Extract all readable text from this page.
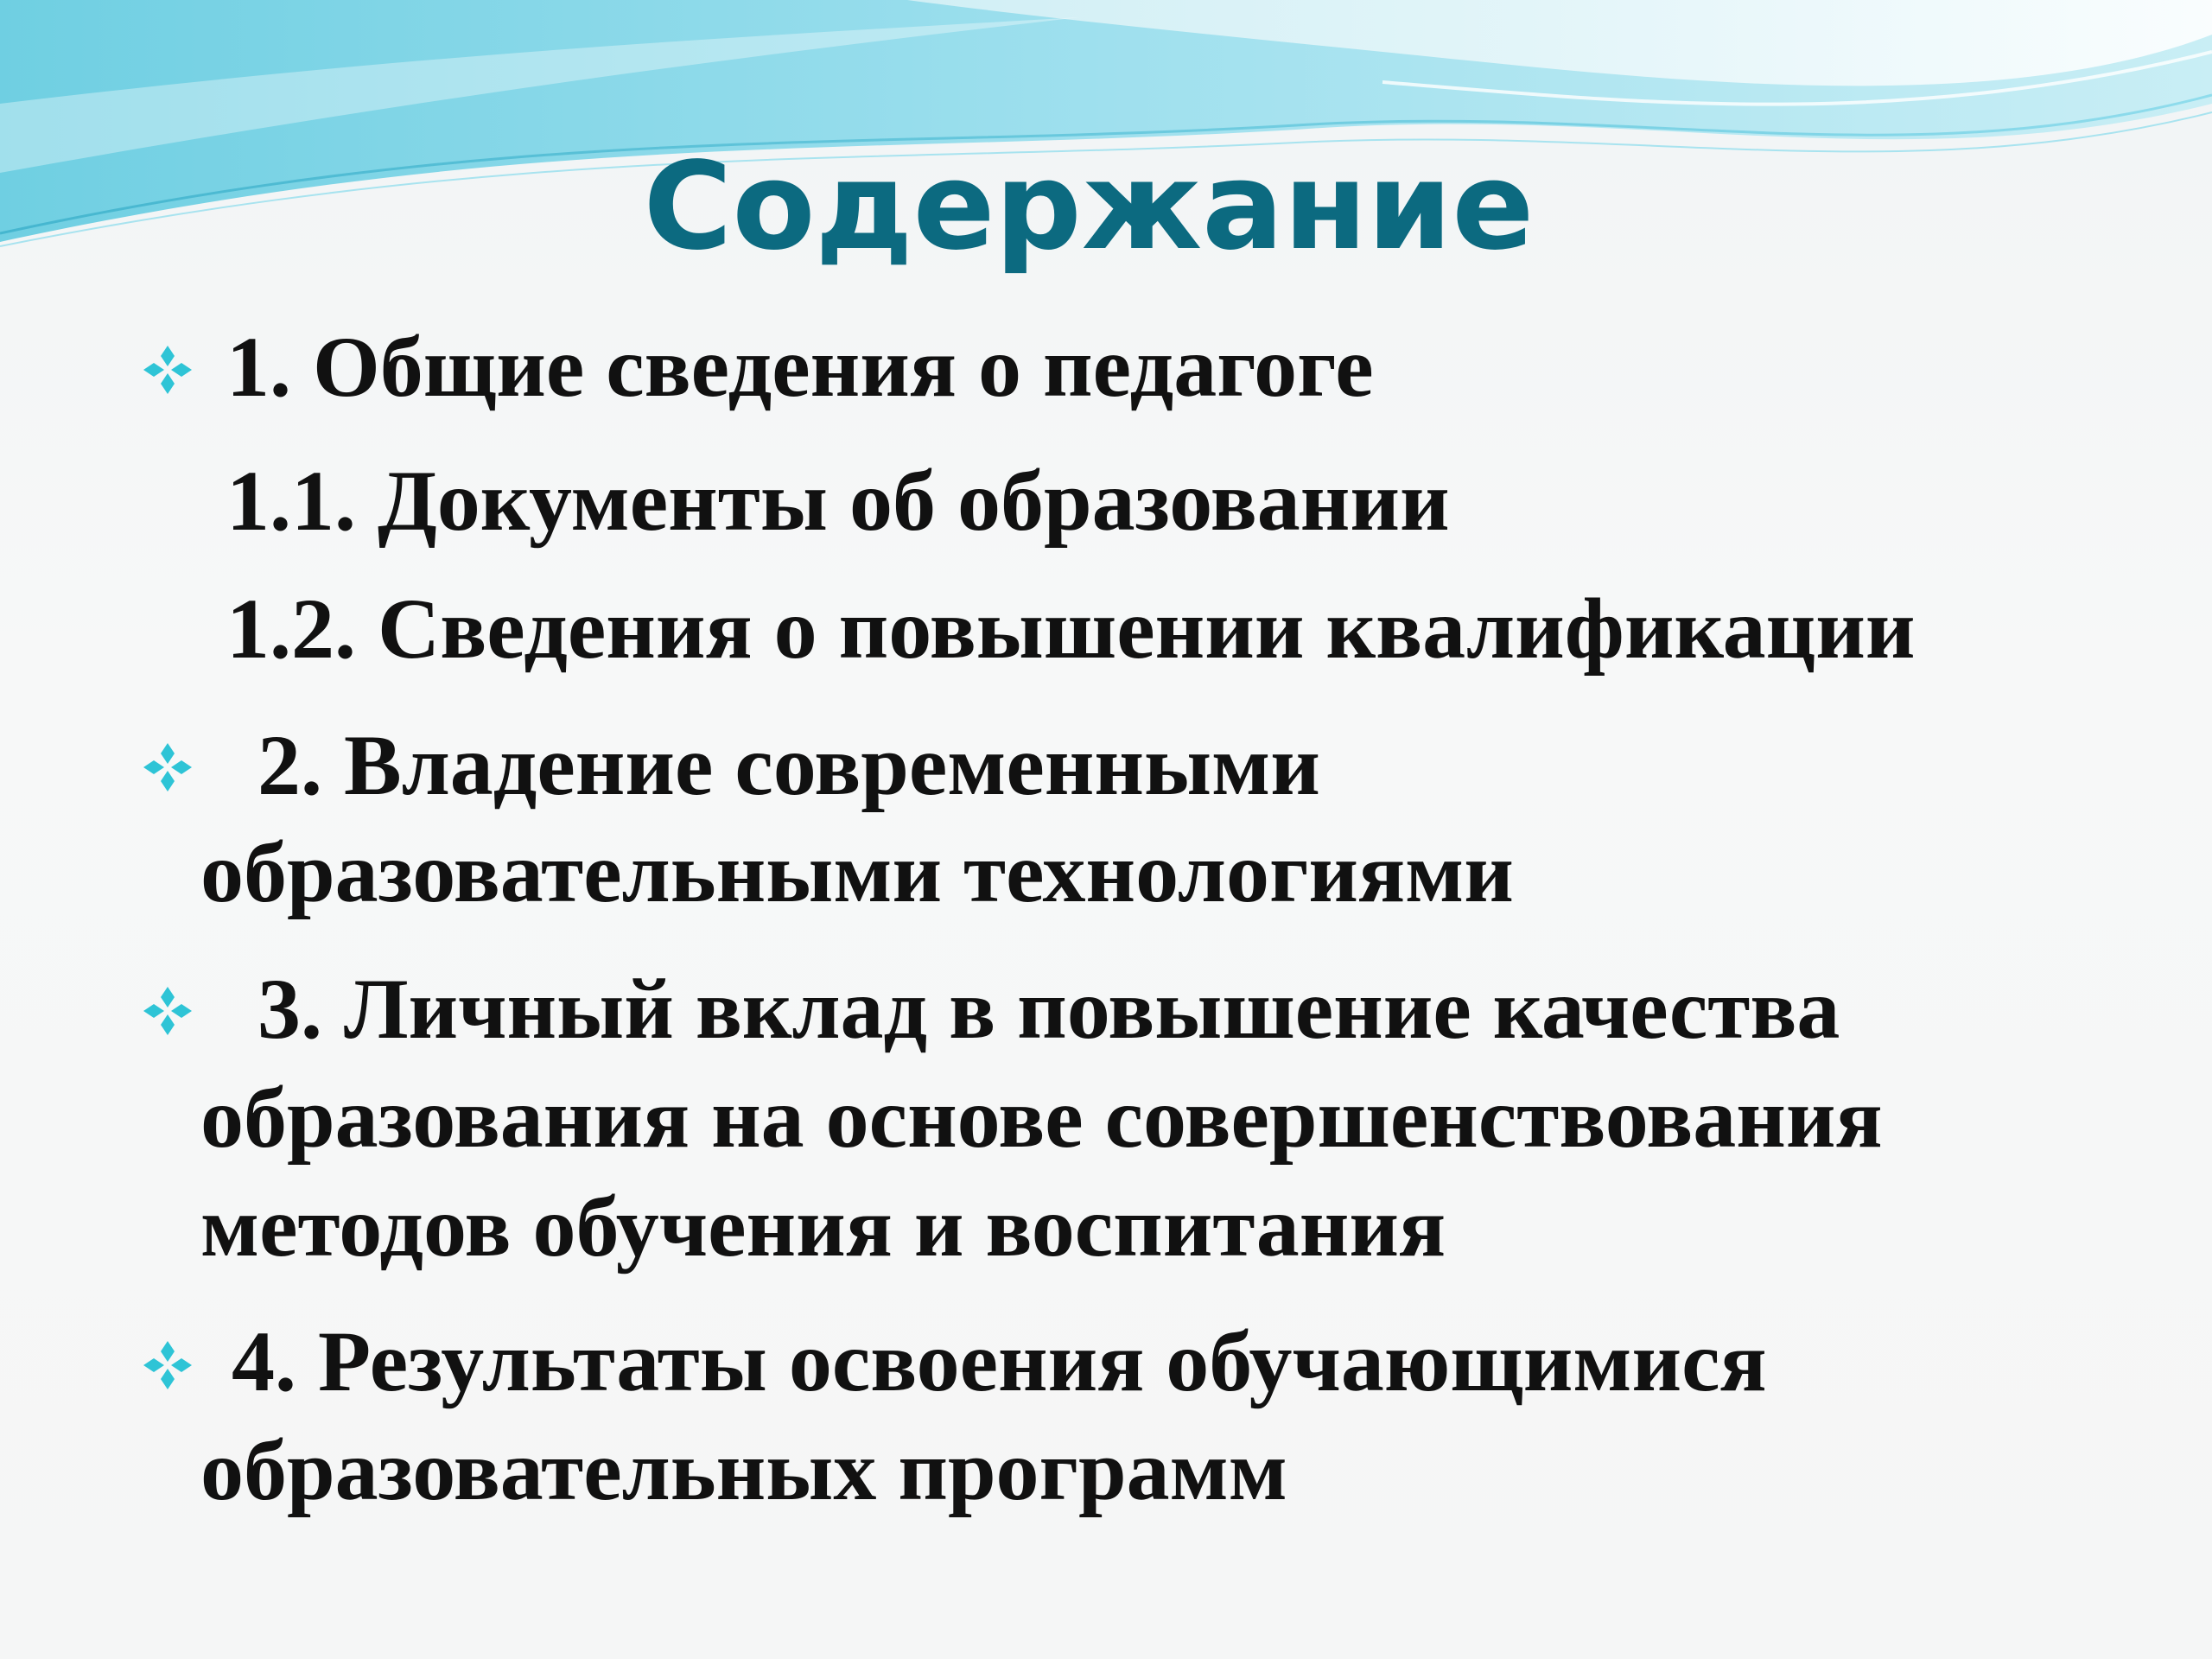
Содержание
1. Общие сведения о педагоге
1.1. Документы об образовании
1.2. Сведения о повышении квалификации
2. Владение современными
образовательными технологиями
3. Личный вклад в повышение качества
образования на основе совершенствования
методов обучения и воспитания
4. Результаты освоения обучающимися
образовательных программ
